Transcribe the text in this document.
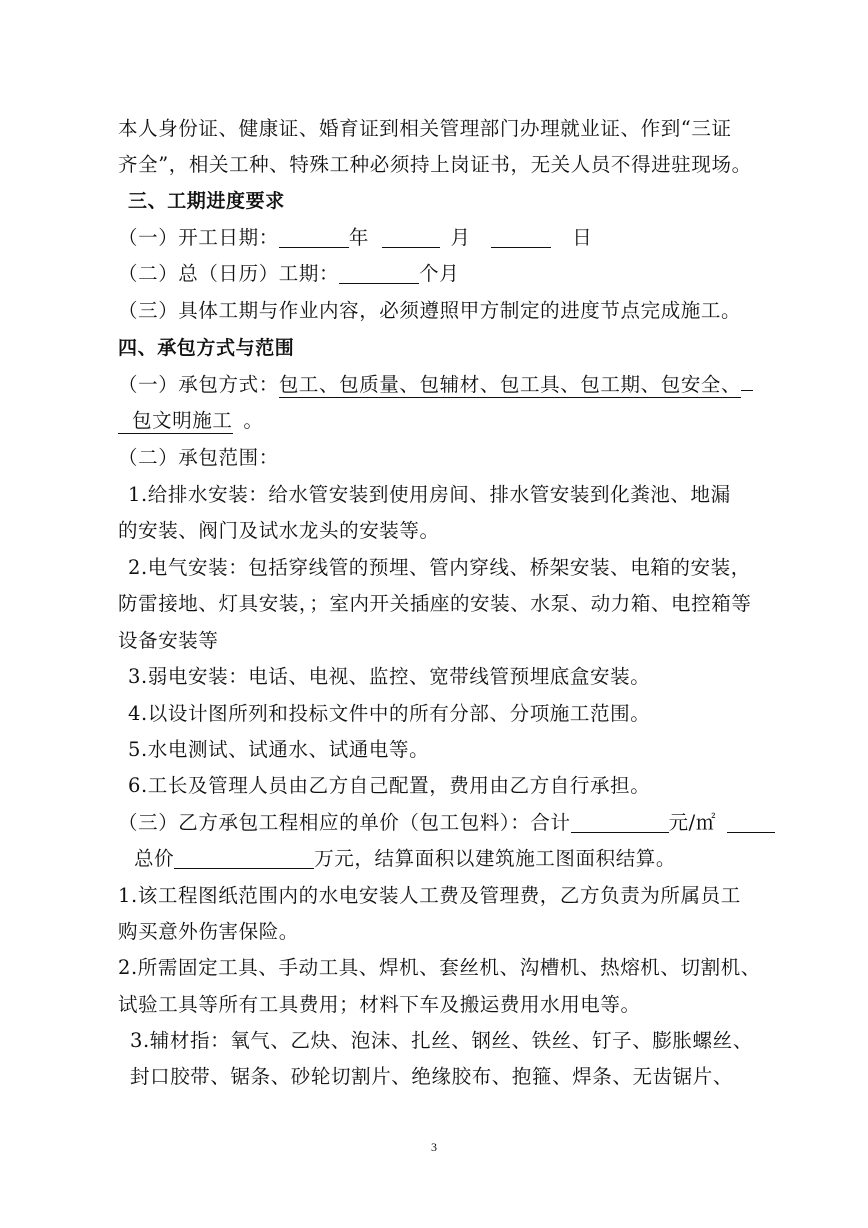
本人身份证、健康证、婚育证到相关管理部门办理就业证、作到“三证
齐全”，相关工种、特殊工种必须持上岗证书，无关人员不得进驻现场。
三、工期进度要求
（一）开工日期：	年	月	日
（二）总（日历）工期：	个月
（三）具体工期与作业内容，必须遵照甲方制定的进度节点完成施工。
四、承包方式与范围
（一）承包方式：包工、包质量、包辅材、包工具、包工期、包安全、
包文明施工 。
（二）承包范围：
1.给排水安装：给水管安装到使用房间、排水管安装到化粪池、地漏
的安装、阀门及试水龙头的安装等。
2.电气安装：包括穿线管的预埋、管内穿线、桥架安装、电箱的安装，
防雷接地、灯具安装，；室内开关插座的安装、水泵、动力箱、电控箱等
设备安装等
3.弱电安装：电话、电视、监控、宽带线管预埋底盒安装。
4.以设计图所列和投标文件中的所有分部、分项施工范围。
5.水电测试、试通水、试通电等。
6.工长及管理人员由乙方自己配置，费用由乙方自行承担。
（三）乙方承包工程相应的单价（包工包料）：合计	元/㎡
总价	万元，结算面积以建筑施工图面积结算。
1.该工程图纸范围内的水电安装人工费及管理费，乙方负责为所属员工
购买意外伤害保险。
2.所需固定工具、手动工具、焊机、套丝机、沟槽机、热熔机、切割机、
试验工具等所有工具费用；材料下车及搬运费用水用电等。
3.辅材指：氧气、乙炔、泡沫、扎丝、钢丝、铁丝、钉子、膨胀螺丝、
封口胶带、锯条、砂轮切割片、绝缘胶布、抱箍、焊条、无齿锯片、
3
